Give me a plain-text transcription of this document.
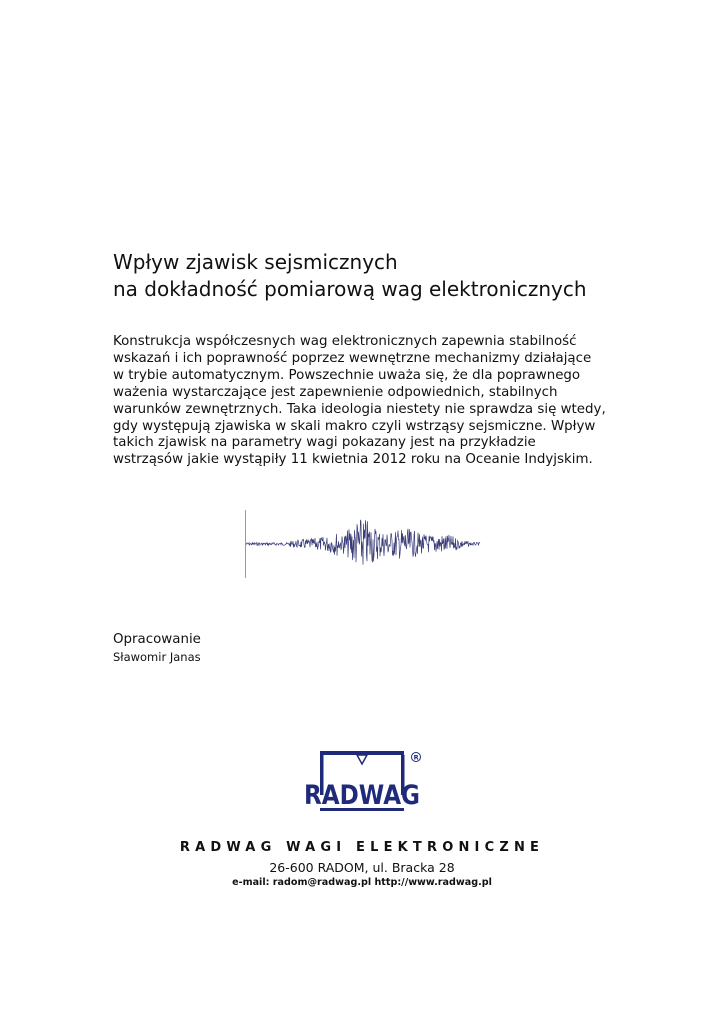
Wpływ zjawisk sejsmicznych
na dokładność pomiarową wag elektronicznych

Konstrukcja współczesnych wag elektronicznych zapewnia stabilność
wskazań i ich poprawność poprzez wewnętrzne mechanizmy działające
w trybie automatycznym. Powszechnie uważa się, że dla poprawnego
ważenia wystarczające jest zapewnienie odpowiednich, stabilnych
warunków zewnętrznych. Taka ideologia niestety nie sprawdza się wtedy,
gdy występują zjawiska w skali makro czyli wstrząsy sejsmiczne. Wpływ
takich zjawisk na parametry wagi pokazany jest na przykładzie
wstrząsów jakie wystąpiły 11 kwietnia 2012 roku na Oceanie Indyjskim.

Opracowanie

Sławomir Janas

RADWAG
R

RADWAG WAGI ELEKTRONICZNE

26-600 RADOM, ul. Bracka 28

e-mail: radom@radwag.pl http://www.radwag.pl
